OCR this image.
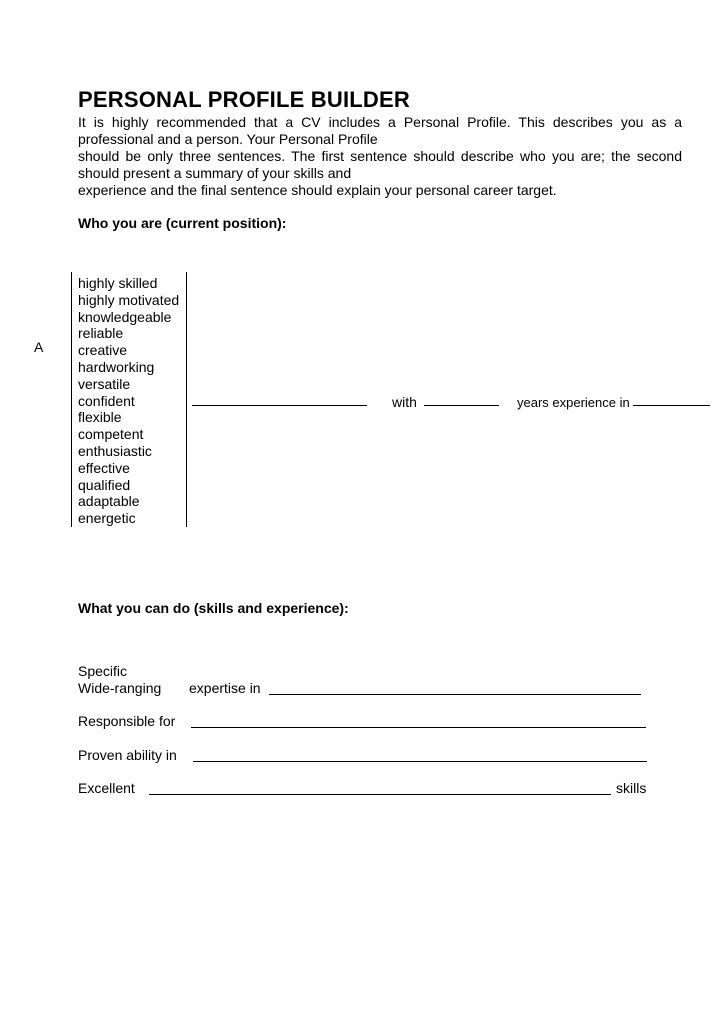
PERSONAL PROFILE BUILDER

It is highly recommended that a CV includes a Personal Profile. This describes you as a professional and a person. Your Personal Profile

should be only three sentences. The first sentence should describe who you are; the second should present a summary of your skills and

experience and the final sentence should explain your personal career target.

Who you are (current position):
A
highly skilled
highly motivated
knowledgeable
reliable
creative
hardworking
versatile
confident
flexible
competent
enthusiastic
effective
qualified
adaptable
energetic
with	years experience in
What you can do (skills and experience):
Specific
Wide-ranging expertise in
Responsible for
Proven ability in
Excellent	skills
